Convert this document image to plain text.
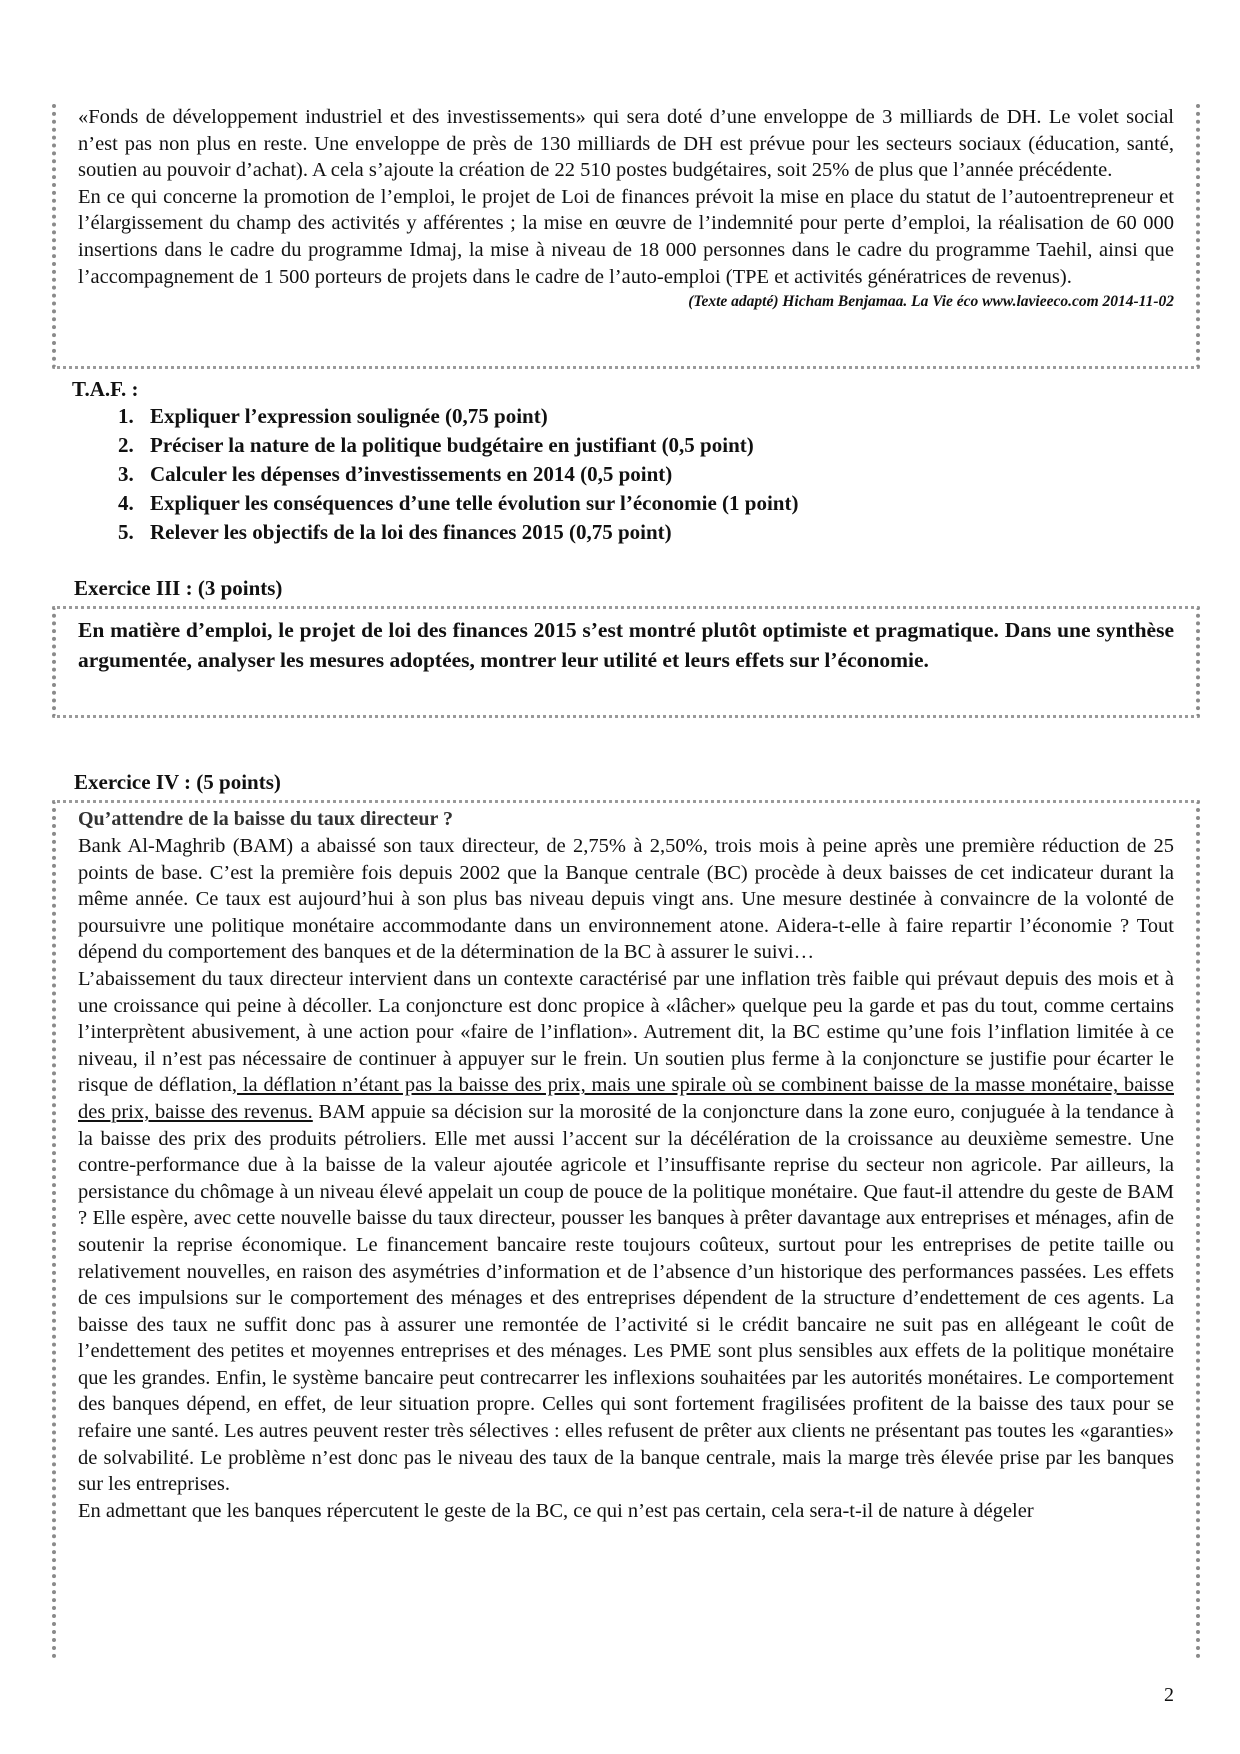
«Fonds de développement industriel et des investissements» qui sera doté d’une enveloppe de 3 milliards de DH. Le volet social n’est pas non plus en reste. Une enveloppe de près de 130 milliards de DH est prévue pour les secteurs sociaux (éducation, santé, soutien au pouvoir d’achat). A cela s’ajoute la création de 22 510 postes budgétaires, soit 25% de plus que l’année précédente.

En ce qui concerne la promotion de l’emploi, le projet de Loi de finances prévoit la mise en place du statut de l’autoentrepreneur et l’élargissement du champ des activités y afférentes ; la mise en œuvre de l’indemnité pour perte d’emploi, la réalisation de 60 000 insertions dans le cadre du programme Idmaj, la mise à niveau de 18 000 personnes dans le cadre du programme Taehil, ainsi que l’accompagnement de 1 500 porteurs de projets dans le cadre de l’auto-emploi (TPE et activités génératrices de revenus).

(Texte adapté) Hicham Benjamaa. La Vie éco www.lavieeco.com 2014-11-02
T.A.F. :
1. Expliquer l’expression soulignée (0,75 point)
2. Préciser la nature de la politique budgétaire en justifiant (0,5 point)
3. Calculer les dépenses d’investissements en 2014 (0,5 point)
4. Expliquer les conséquences d’une telle évolution sur l’économie (1 point)
5. Relever les objectifs de la loi des finances 2015 (0,75 point)
Exercice III : (3 points)

En matière d’emploi, le projet de loi des finances 2015 s’est montré plutôt optimiste et pragmatique. Dans une synthèse argumentée, analyser les mesures adoptées, montrer leur utilité et leurs effets sur l’économie.

Exercice IV : (5 points)
Qu’attendre de la baisse du taux directeur ?

Bank Al-Maghrib (BAM) a abaissé son taux directeur, de 2,75% à 2,50%, trois mois à peine après une première réduction de 25 points de base. C’est la première fois depuis 2002 que la Banque centrale (BC) procède à deux baisses de cet indicateur durant la même année. Ce taux est aujourd’hui à son plus bas niveau depuis vingt ans. Une mesure destinée à convaincre de la volonté de poursuivre une politique monétaire accommodante dans un environnement atone. Aidera-t-elle à faire repartir l’économie ? Tout dépend du comportement des banques et de la détermination de la BC à assurer le suivi…

L’abaissement du taux directeur intervient dans un contexte caractérisé par une inflation très faible qui prévaut depuis des mois et à une croissance qui peine à décoller. La conjoncture est donc propice à «lâcher» quelque peu la garde et pas du tout, comme certains l’interprètent abusivement, à une action pour «faire de l’inflation». Autrement dit, la BC estime qu’une fois l’inflation limitée à ce niveau, il n’est pas nécessaire de continuer à appuyer sur le frein. Un soutien plus ferme à la conjoncture se justifie pour écarter le risque de déflation, la déflation n’étant pas la baisse des prix, mais une spirale où se combinent baisse de la masse monétaire, baisse des prix, baisse des revenus. BAM appuie sa décision sur la morosité de la conjoncture dans la zone euro, conjuguée à la tendance à la baisse des prix des produits pétroliers. Elle met aussi l’accent sur la décélération de la croissance au deuxième semestre. Une contre-performance due à la baisse de la valeur ajoutée agricole et l’insuffisante reprise du secteur non agricole. Par ailleurs, la persistance du chômage à un niveau élevé appelait un coup de pouce de la politique monétaire. Que faut-il attendre du geste de BAM ? Elle espère, avec cette nouvelle baisse du taux directeur, pousser les banques à prêter davantage aux entreprises et ménages, afin de soutenir la reprise économique. Le financement bancaire reste toujours coûteux, surtout pour les entreprises de petite taille ou relativement nouvelles, en raison des asymétries d’information et de l’absence d’un historique des performances passées. Les effets de ces impulsions sur le comportement des ménages et des entreprises dépendent de la structure d’endettement de ces agents. La baisse des taux ne suffit donc pas à assurer une remontée de l’activité si le crédit bancaire ne suit pas en allégeant le coût de l’endettement des petites et moyennes entreprises et des ménages. Les PME sont plus sensibles aux effets de la politique monétaire que les grandes. Enfin, le système bancaire peut contrecarrer les inflexions souhaitées par les autorités monétaires. Le comportement des banques dépend, en effet, de leur situation propre. Celles qui sont fortement fragilisées profitent de la baisse des taux pour se refaire une santé. Les autres peuvent rester très sélectives : elles refusent de prêter aux clients ne présentant pas toutes les «garanties» de solvabilité. Le problème n’est donc pas le niveau des taux de la banque centrale, mais la marge très élevée prise par les banques sur les entreprises.

En admettant que les banques répercutent le geste de la BC, ce qui n’est pas certain, cela sera-t-il de nature à dégeler

2
